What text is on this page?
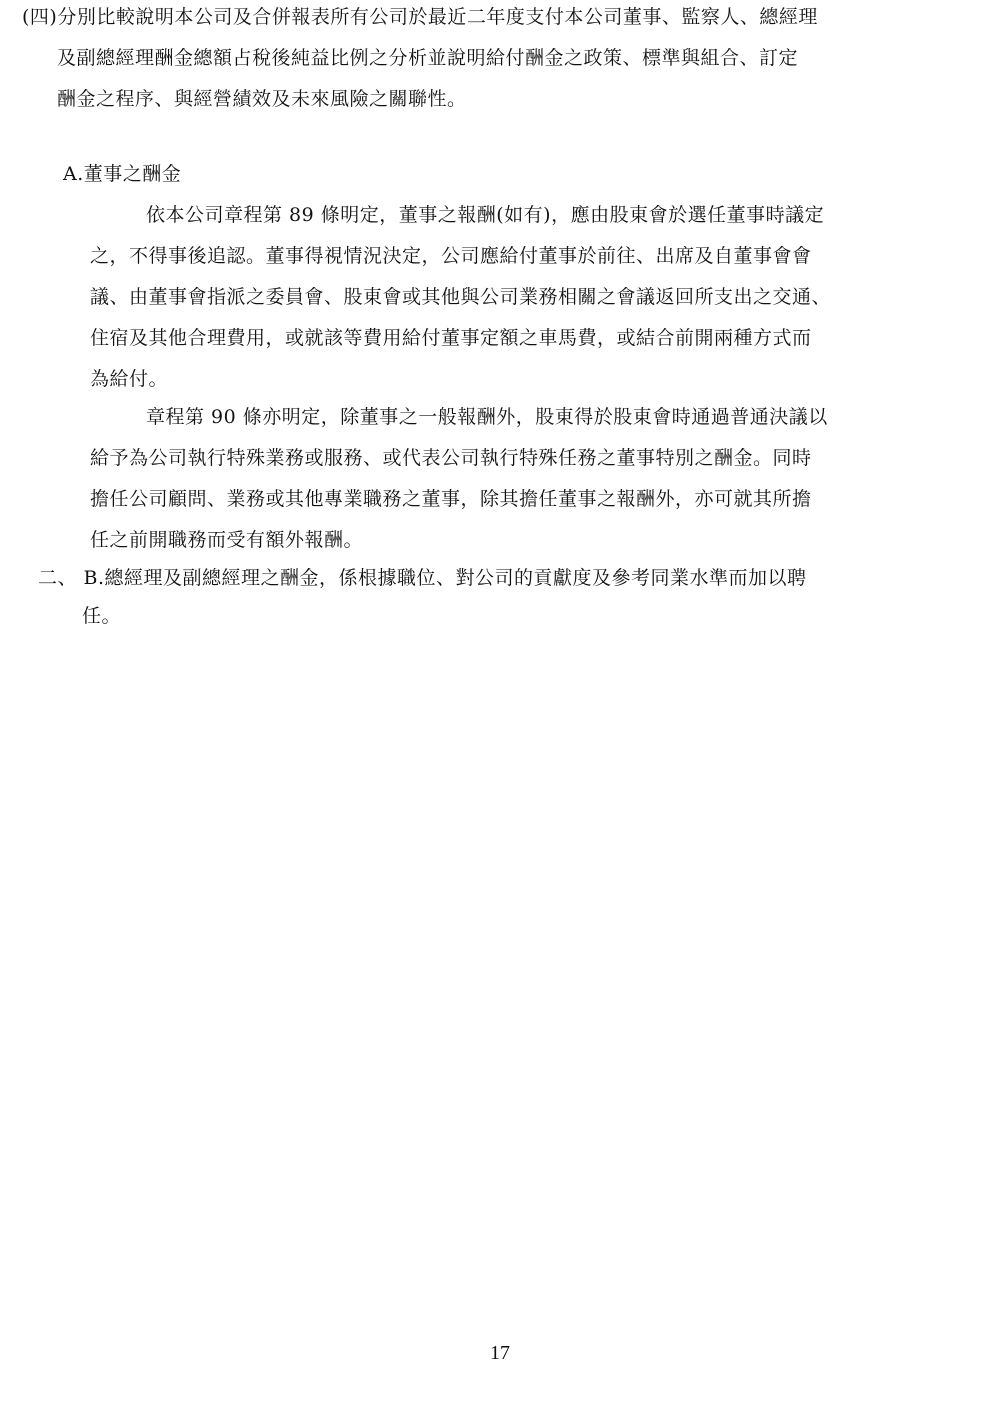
(四)分別比較說明本公司及合併報表所有公司於最近二年度支付本公司董事、監察人、總經理
及副總經理酬金總額占稅後純益比例之分析並說明給付酬金之政策、標準與組合、訂定
酬金之程序、與經營績效及未來風險之關聯性。
A.董事之酬金
依本公司章程第 89 條明定，董事之報酬(如有)，應由股東會於選任董事時議定
之，不得事後追認。董事得視情況決定，公司應給付董事於前往、出席及自董事會會
議、由董事會指派之委員會、股東會或其他與公司業務相關之會議返回所支出之交通、
住宿及其他合理費用，或就該等費用給付董事定額之車馬費，或結合前開兩種方式而
為給付。
章程第 90 條亦明定，除董事之一般報酬外，股東得於股東會時通過普通決議以
給予為公司執行特殊業務或服務、或代表公司執行特殊任務之董事特別之酬金。同時
擔任公司顧問、業務或其他專業職務之董事，除其擔任董事之報酬外，亦可就其所擔
任之前開職務而受有額外報酬。
二、 B.總經理及副總經理之酬金，係根據職位、對公司的貢獻度及參考同業水準而加以聘
任。
17
